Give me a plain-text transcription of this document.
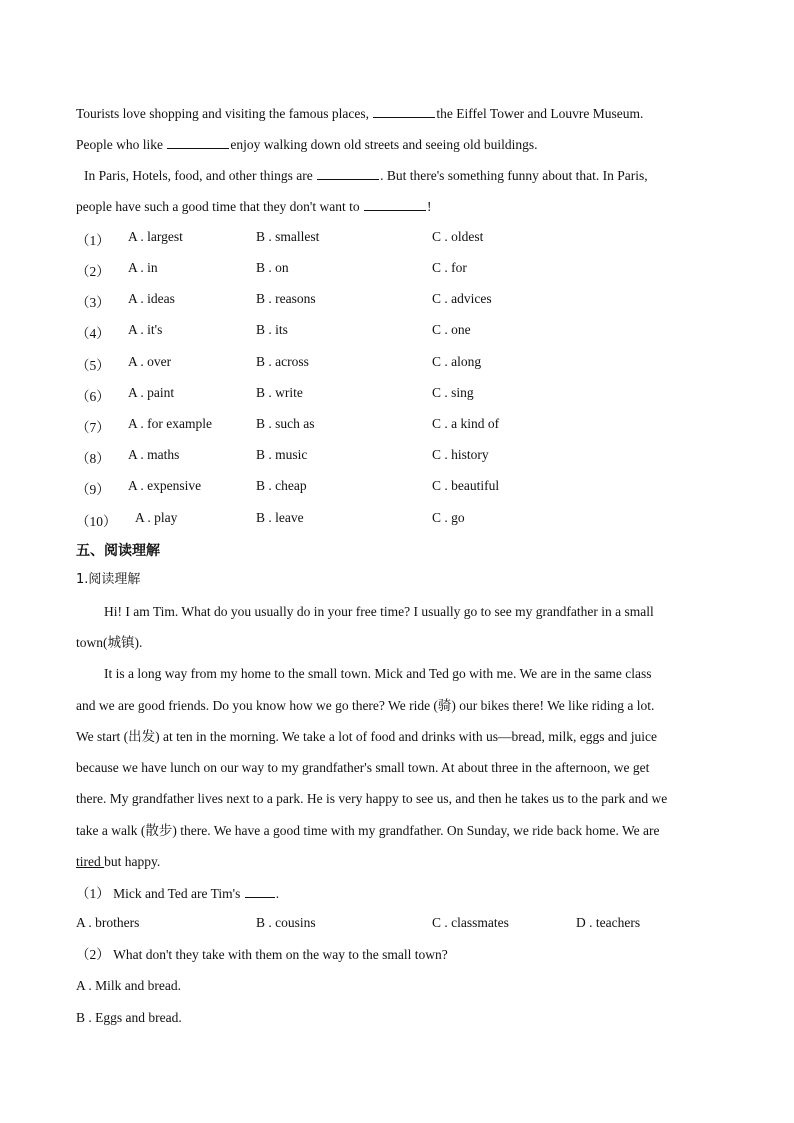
Tourists love shopping and visiting the famous places,	the Eiffel Tower and Louvre Museum.
People who like	enjoy walking down old streets and seeing old buildings.
In Paris, Hotels, food, and other things are	. But there's something funny about that. In Paris,
people have such a good time that they don't want to	!
（1） A . largest	B . smallest	C . oldest
（2） A . in	B . on	C . for
（3） A . ideas	B . reasons	C . advices
（4） A . it's	B . its	C . one
（5） A . over	B . across	C . along
（6） A . paint	B . write	C . sing
（7） A . for example	B . such as	C . a kind of
（8） A . maths	B . music	C . history
（9） A . expensive	B . cheap	C . beautiful
（10） A . play	B . leave	C . go
五、阅读理解
1.阅读理解
Hi! I am Tim. What do you usually do in your free time? I usually go to see my grandfather in a small
town(城镇).
It is a long way from my home to the small town. Mick and Ted go with me. We are in the same class
and we are good friends. Do you know how we go there? We ride (骑) our bikes there! We like riding a lot.
We start (出发) at ten in the morning. We take a lot of food and drinks with us—bread, milk, eggs and juice
because we have lunch on our way to my grandfather's small town. At about three in the afternoon, we get
there. My grandfather lives next to a park. He is very happy to see us, and then he takes us to the park and we
take a walk (散步) there. We have a good time with my grandfather. On Sunday, we ride back home. We are
tired but happy.
（1） Mick and Ted are Tim's .
A . brothers	B . cousins	C . classmates	D . teachers
（2） What don't they take with them on the way to the small town?
A . Milk and bread.
B . Eggs and bread.
